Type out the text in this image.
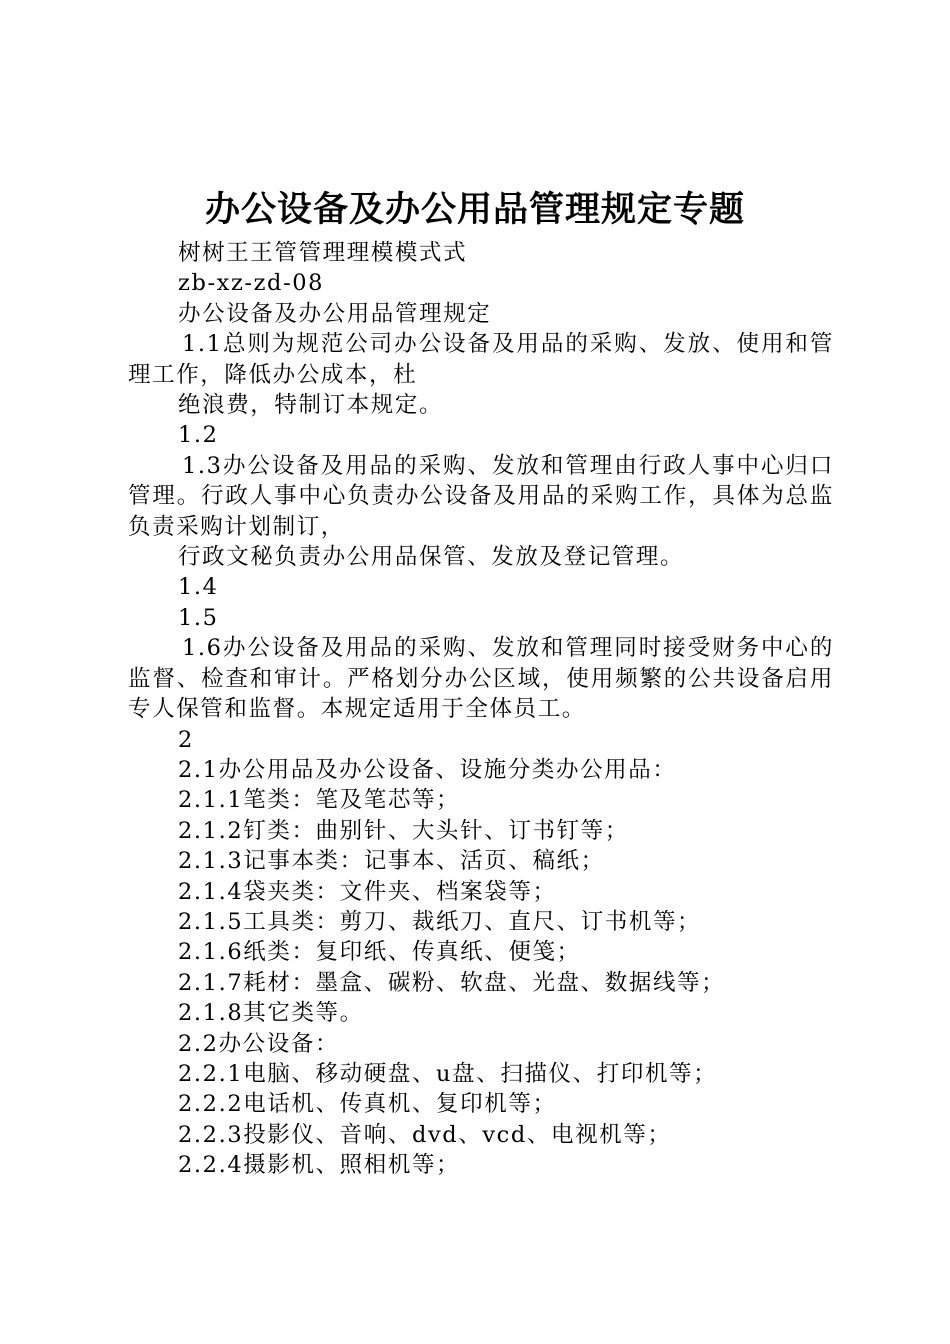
办公设备及办公用品管理规定专题

树树王王管管理理模模式式

zb-xz-zd-08

办公设备及办公用品管理规定

1.1总则为规范公司办公设备及用品的采购、发放、使用和管理工作，降低办公成本，杜

绝浪费，特制订本规定。

1.2

1.3办公设备及用品的采购、发放和管理由行政人事中心归口管理。行政人事中心负责办公设备及用品的采购工作，具体为总监负责采购计划制订，

行政文秘负责办公用品保管、发放及登记管理。

1.4

1.5

1.6办公设备及用品的采购、发放和管理同时接受财务中心的监督、检查和审计。严格划分办公区域，使用频繁的公共设备启用专人保管和监督。本规定适用于全体员工。

2

2.1办公用品及办公设备、设施分类办公用品：

2.1.1笔类：笔及笔芯等；

2.1.2钉类：曲别针、大头针、订书钉等；

2.1.3记事本类：记事本、活页、稿纸；

2.1.4袋夹类：文件夹、档案袋等；

2.1.5工具类：剪刀、裁纸刀、直尺、订书机等；

2.1.6纸类：复印纸、传真纸、便笺；

2.1.7耗材：墨盒、碳粉、软盘、光盘、数据线等；

2.1.8其它类等。

2.2办公设备：

2.2.1电脑、移动硬盘、u盘、扫描仪、打印机等；

2.2.2电话机、传真机、复印机等；

2.2.3投影仪、音响、dvd、vcd、电视机等；

2.2.4摄影机、照相机等；
